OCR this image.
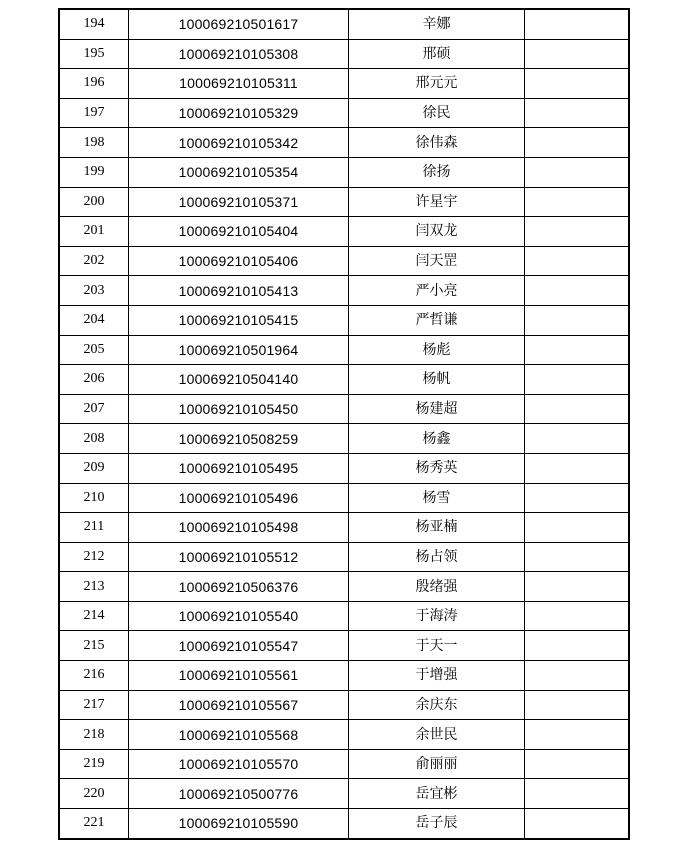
194	100069210501617	辛娜	
195	100069210105308	邢硕	
196	100069210105311	邢元元	
197	100069210105329	徐民	
198	100069210105342	徐伟森	
199	100069210105354	徐扬	
200	100069210105371	许星宇	
201	100069210105404	闫双龙	
202	100069210105406	闫天罡	
203	100069210105413	严小亮	
204	100069210105415	严哲谦	
205	100069210501964	杨彪	
206	100069210504140	杨帆	
207	100069210105450	杨建超	
208	100069210508259	杨鑫	
209	100069210105495	杨秀英	
210	100069210105496	杨雪	
211	100069210105498	杨亚楠	
212	100069210105512	杨占领	
213	100069210506376	殷绪强	
214	100069210105540	于海涛	
215	100069210105547	于天一	
216	100069210105561	于增强	
217	100069210105567	余庆东	
218	100069210105568	余世民	
219	100069210105570	俞丽丽	
220	100069210500776	岳宜彬	
221	100069210105590	岳子辰	
